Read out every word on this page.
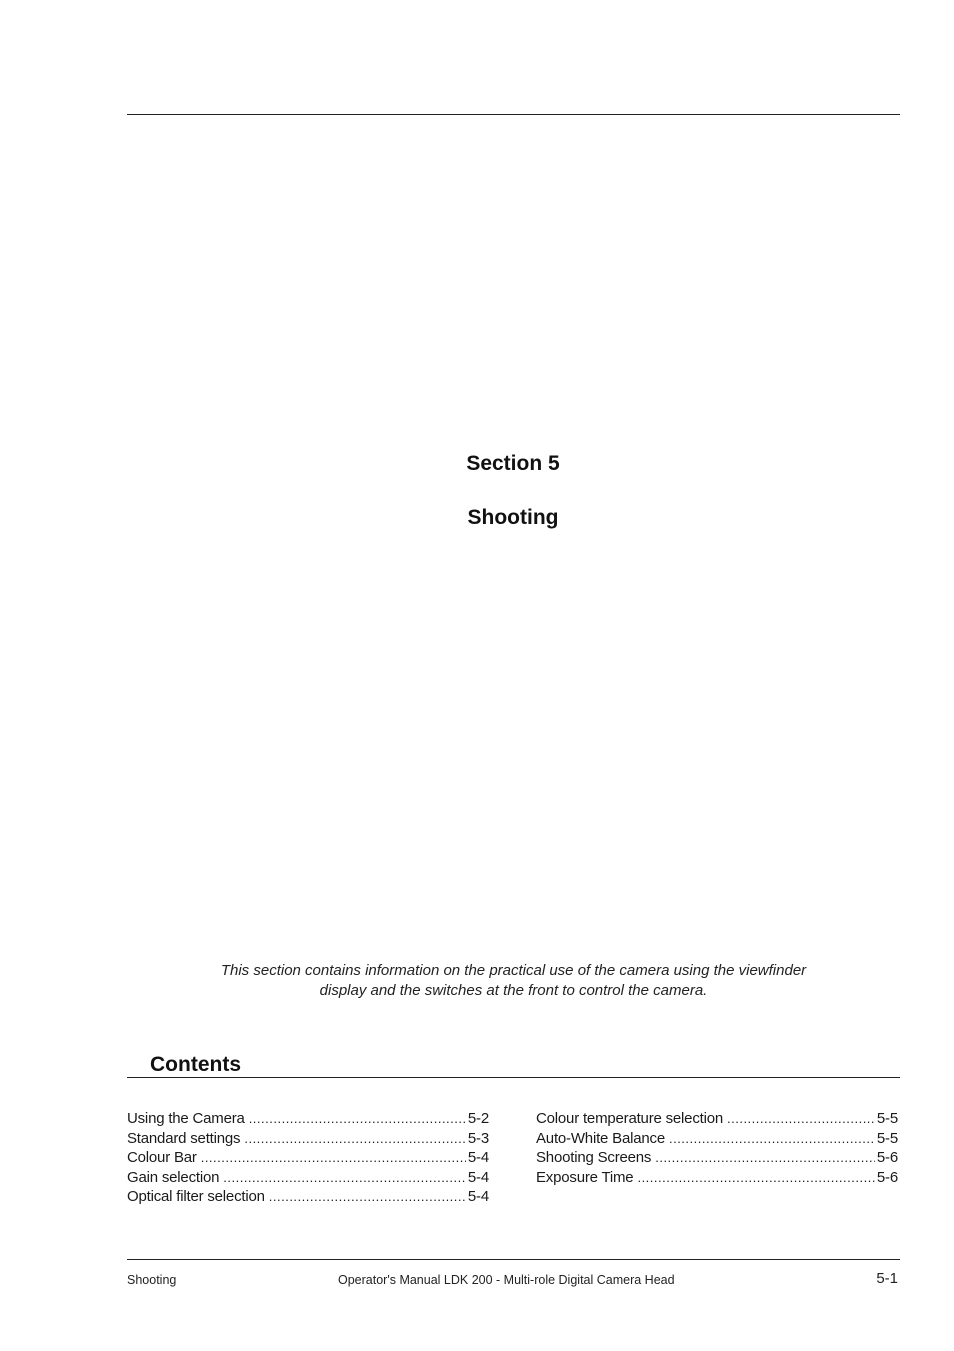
Section 5
Shooting
This section contains information on the practical use of the camera using the viewfinder
display and the switches at the front to control the camera.
Contents
Using the Camera .....	5-2
Standard settings .....	5-3
Colour Bar .....	5-4
Gain selection .....	5-4
Optical filter selection .....	5-4
Colour temperature selection .....	5-5
Auto-White Balance .....	5-5
Shooting Screens .....	5-6
Exposure Time .....	5-6
Shooting	Operator's Manual LDK 200 - Multi-role Digital Camera Head	5-1
